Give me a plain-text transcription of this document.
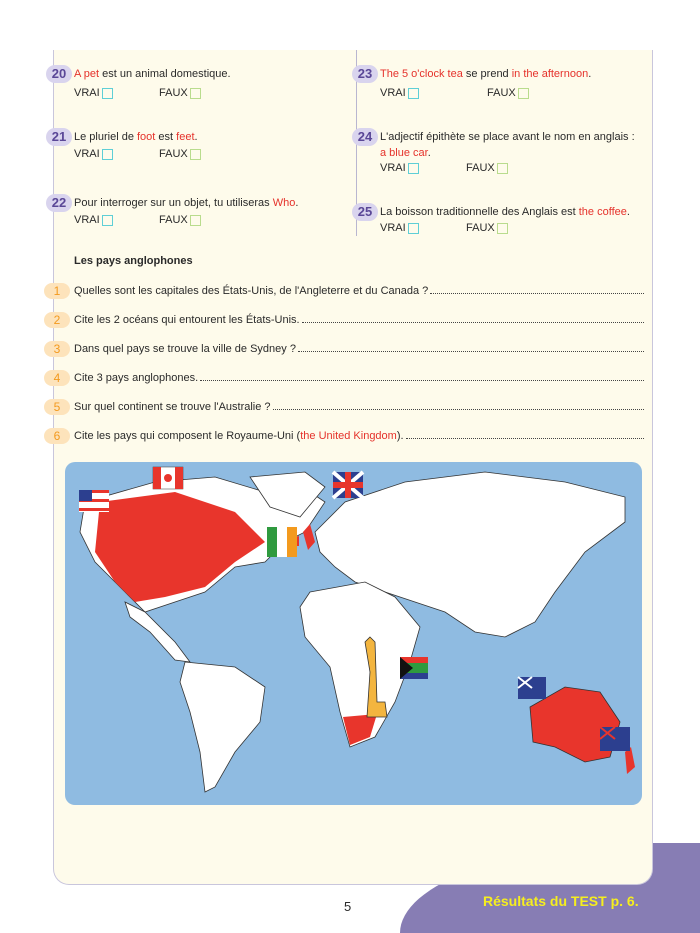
20 A pet est un animal domestique.
VRAI	FAUX
21 Le pluriel de foot est feet.
VRAI	FAUX
22 Pour interroger sur un objet, tu utiliseras Who.
VRAI	FAUX
23 The 5 o'clock tea se prend in the afternoon.
VRAI	FAUX
24 L'adjectif épithète se place avant le nom en anglais :
a blue car.
VRAI	FAUX
25 La boisson traditionnelle des Anglais est the coffee.
VRAI	FAUX
Les pays anglophones
1	Quelles sont les capitales des États-Unis, de l'Angleterre et du Canada ?
2	Cite les 2 océans qui entourent les États-Unis.
3	Dans quel pays se trouve la ville de Sydney ?
4	Cite 3 pays anglophones.
5	Sur quel continent se trouve l'Australie ?
6	Cite les pays qui composent le Royaume-Uni (the United Kingdom).
5	Résultats du TEST p. 6.
